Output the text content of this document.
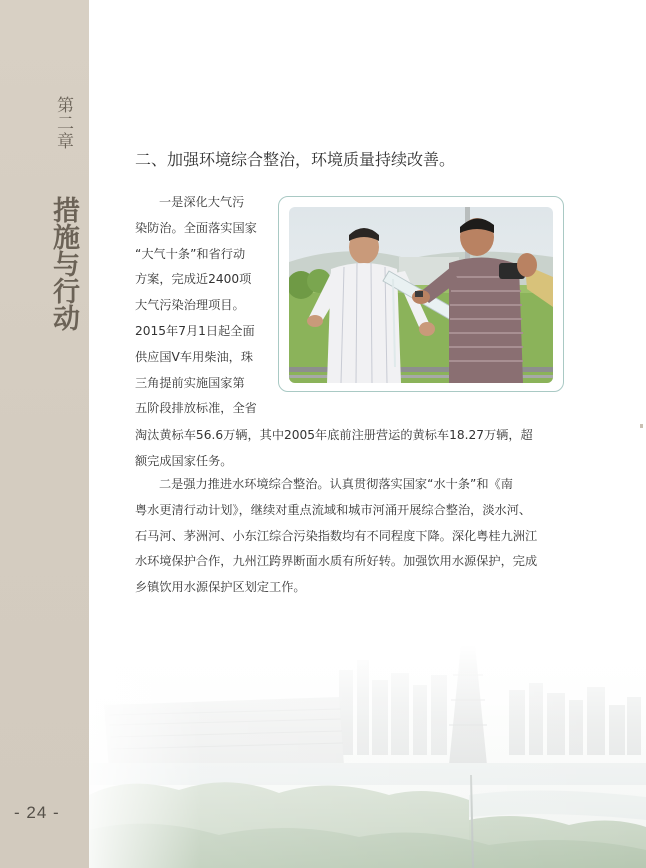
第二章
措施与行动
- 24 -
二、加强环境综合整治，环境质量持续改善。
一是深化大气污
染防治。全面落实国家
“大气十条”和省行动
方案，完成近2400项
大气污染治理项目。
2015年7月1日起全面
供应国V车用柴油，珠
三角提前实施国家第
五阶段排放标准，全省
淘汰黄标车56.6万辆，其中2005年底前注册营运的黄标车18.27万辆，超
额完成国家任务。
二是强力推进水环境综合整治。认真贯彻落实国家“水十条”和《南
粤水更清行动计划》，继续对重点流域和城市河涌开展综合整治，淡水河、
石马河、茅洲河、小东江综合污染指数均有不同程度下降。深化粤桂九洲江
水环境保护合作，九州江跨界断面水质有所好转。加强饮用水源保护，完成
乡镇饮用水源保护区划定工作。
